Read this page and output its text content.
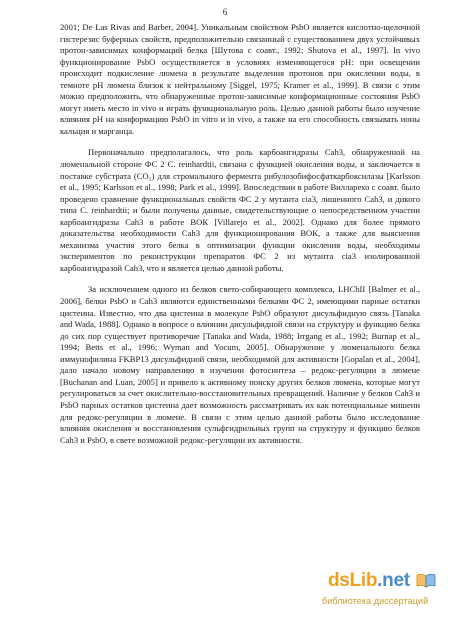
6

2001; De Las Rivas and Barber, 2004]. Уникальным свойством PsbO является кислотно-щелочной гистерезис буферных свойств, предположительно связанный с существованием двух устойчивых протон-зависимых конформаций белка [Шутова с соавт., 1992; Shutova et al., 1997]. In vivo функционирование PsbO осуществляется в условиях изменяющегося pH: при освещении происходит подкисление люмена в результате выделения протонов при окислении воды, в темноте pH люмена близок к нейтральному [Siggel, 1975; Kramer et al., 1999]. В связи с этим можно предположить, что обнаруженные протон-зависимые конформационные состояния PsbO могут иметь место in vivo и играть функциональную роль. Целью данной работы было изучение влияния pH на конформацию PsbO in vitro и in vivo, а также на его способность связывать ионы кальция и марганца.

Первоначально предполагалось, что роль карбоангидразы Cah3, обнаруженной на люменальной стороне ФС 2 C. reinhardtii, связана с функцией окисления воды, и заключается в поставке субстрата (CO₂) для стромального фермента рибулозобифосфаткарбоксилазы [Karlsson et al., 1995; Karlsson et al., 1998; Park et al., 1999]. Впоследствии в работе Вилларехо с соавт. было проведено сравнение функциональных свойств ФС 2 у мутанта cia3, лишенного Cah3, и дикого типа C. reinhardtii; и были получены данные, свидетельствующие о непосредственном участии карбоангидразы Cah3 в работе ВОК [Villarejo et al., 2002]. Однако для более прямого доказательства необходимости Cah3 для функционирования ВОК, а также для выяснения механизма участия этого белка в оптимизации функции окисления воды, необходимы экспериментов по реконструкции препаратов ФС 2 из мутанта cia3 изолированной карбоангидразой Cah3, что и является целью данной работы.

За исключением одного из белков свето-собирающего комплекса, LHCbII [Balmer et al., 2006], белки PsbO и Cah3 являются единственными белками ФС 2, имеющими парные остатки цистеина. Известно, что два цистеина в молекуле PsbO образуют дисульфидную связь [Tanaka and Wada, 1988]. Однако в вопросе о влиянии дисульфидной связи на структуру и функцию белка до сих пор существует противоречие [Tanaka and Wada, 1988; Irrgang et al., 1992; Burnap et al., 1994; Betts et al., 1996; Wyman and Yocum, 2005]. Обнаружение у люменального белка иммунофилина FKBP13 дисульфидной связи, необходимой для активности [Gopalan et al., 2004], дало начало новому направлению в изучении фотосинтеза – редокс-регуляции в люмене [Buchanan and Luan, 2005] и привело к активному поиску других белков люмена, которые могут регулироваться за счет окислительно-восстановительных превращений. Наличие у белков Cah3 и PsbO парных остатков цистеина дает возможность рассматривать их как потенциальные мишени для редокс-регуляции в люмене. В связи с этим целью данной работы было исследование влияния окисления и восстановления сульфгидрильных групп на структуру и функцию белков Cah3 и PsbO, в свете возможной редокс-регуляции их активности.

dsLib.net
библиотека диссертаций
